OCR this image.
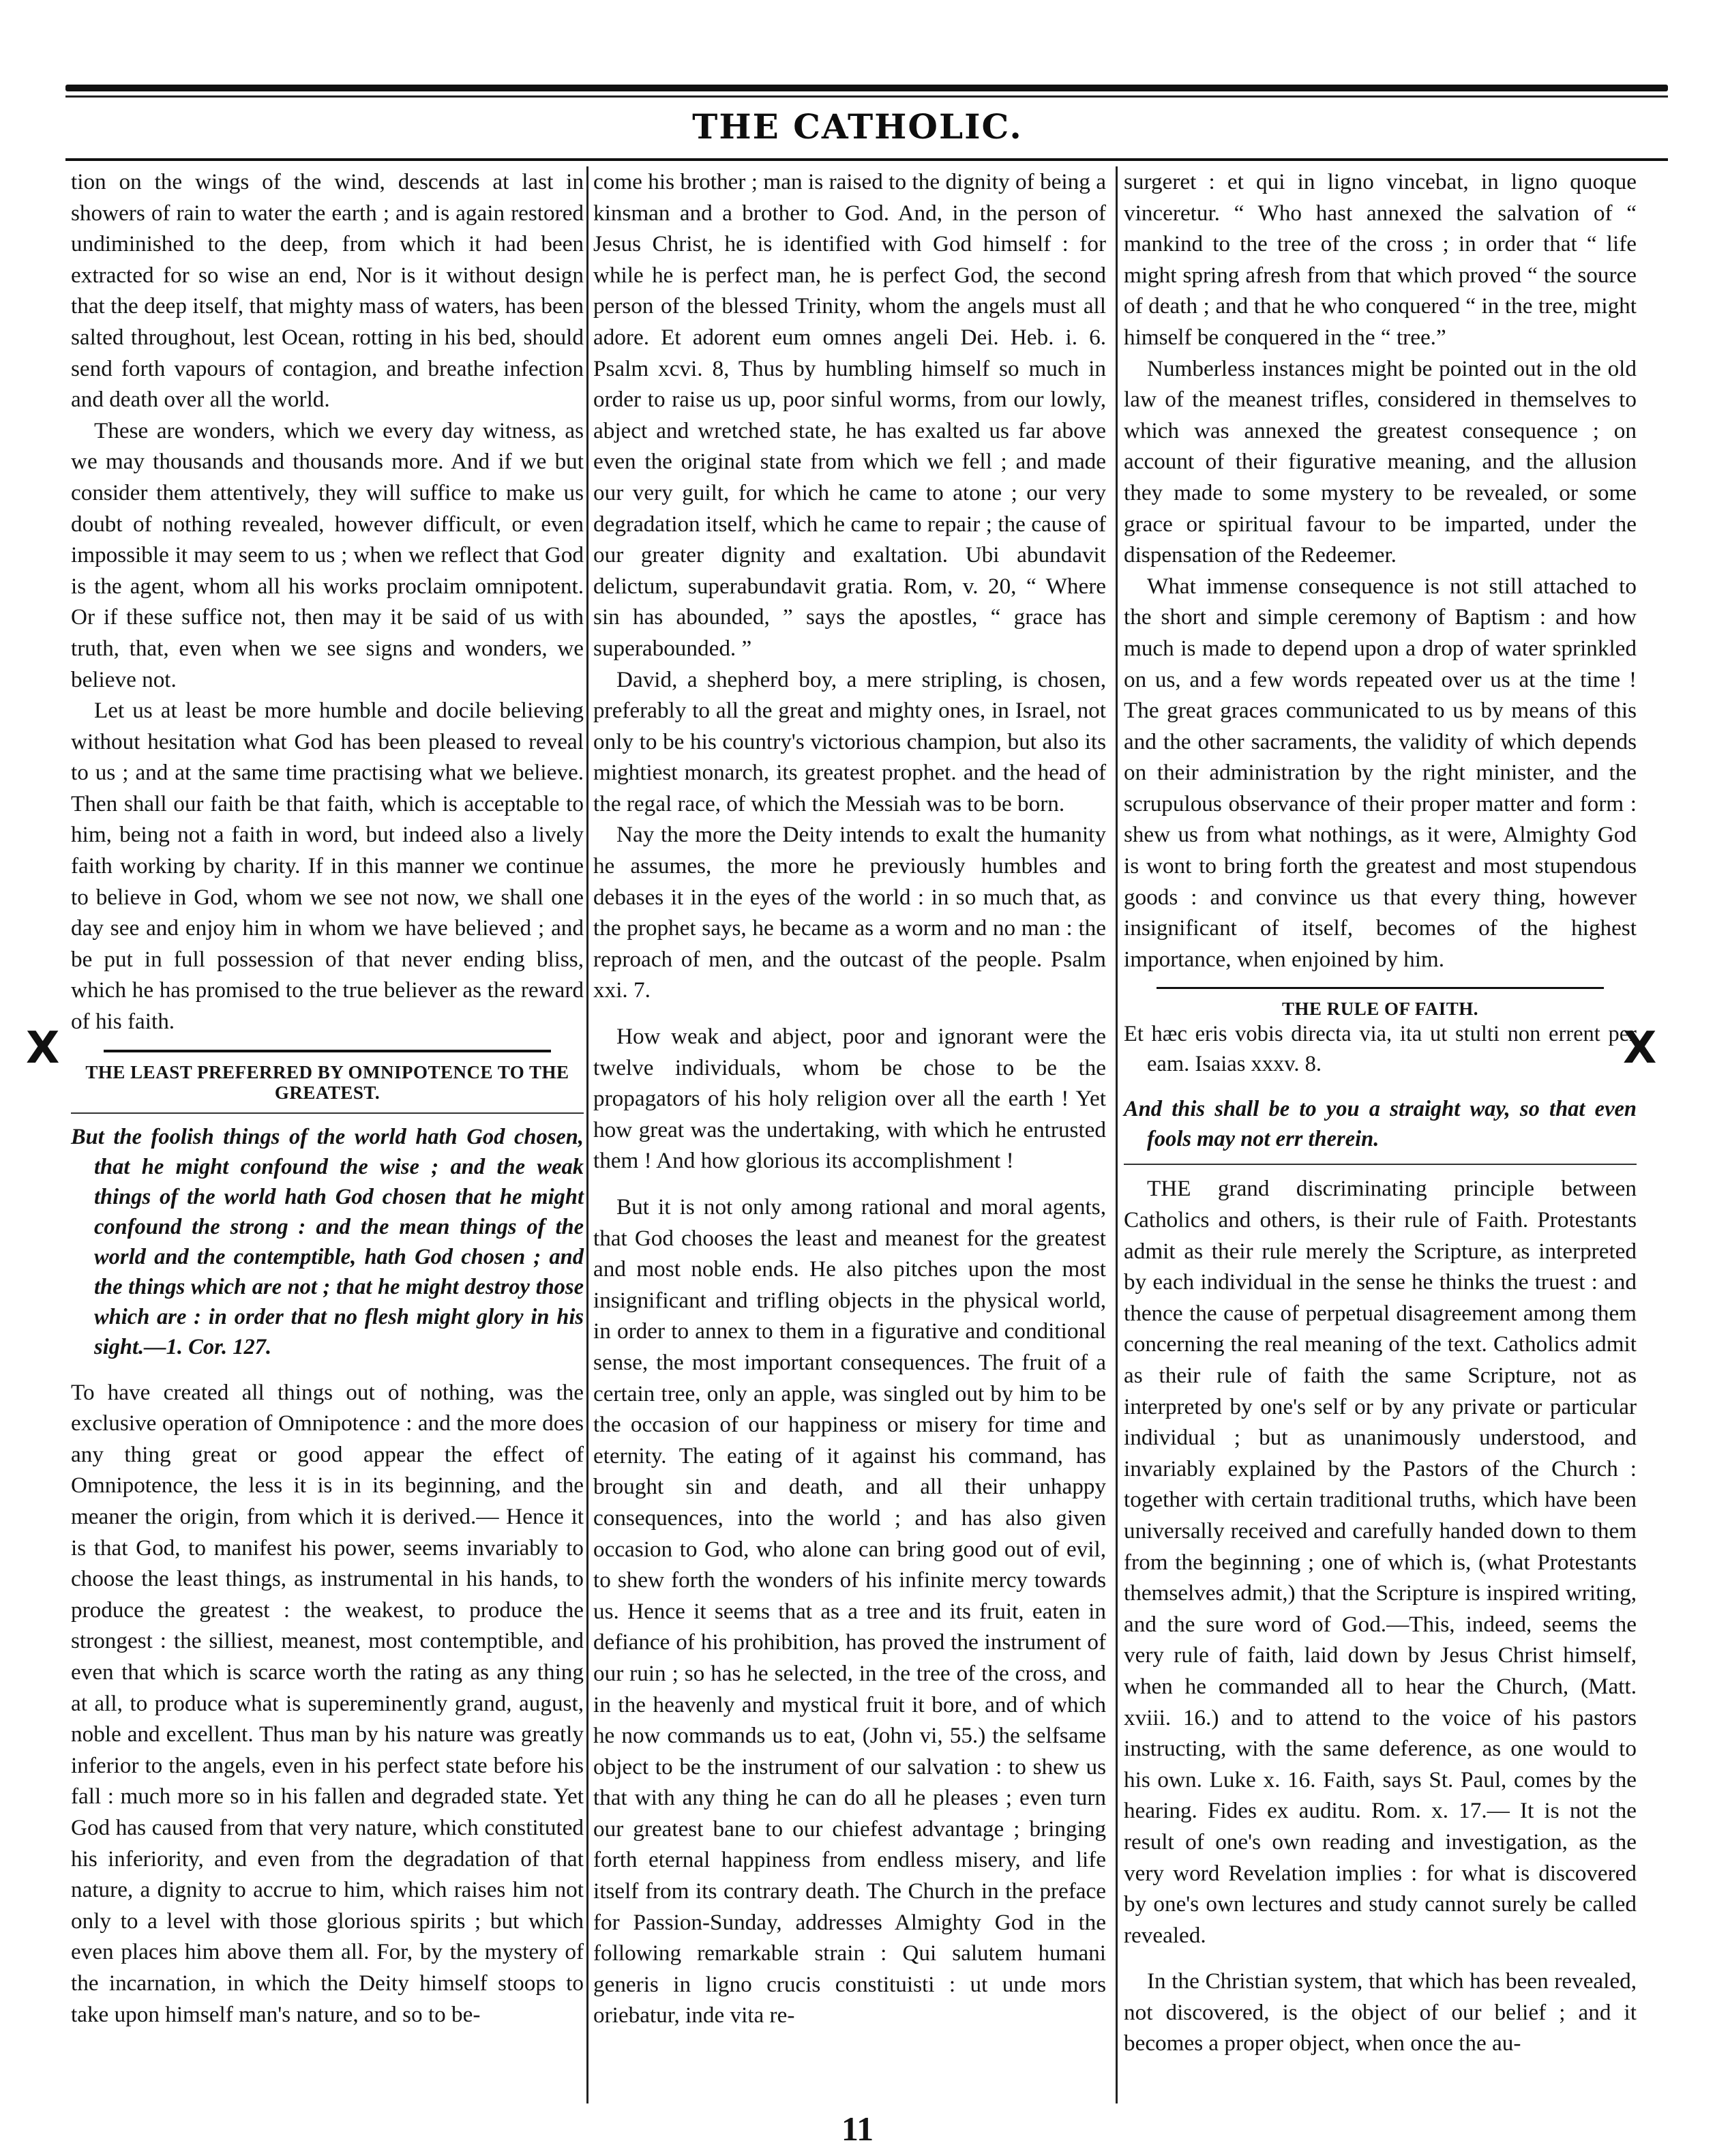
THE CATHOLIC.

tion on the wings of the wind, descends at last in showers of rain to water the earth ; and is again restored undiminished to the deep, from which it had been extracted for so wise an end, Nor is it without design that the deep itself, that mighty mass of waters, has been salted throughout, lest Ocean, rotting in his bed, should send forth vapours of contagion, and breathe infection and death over all the world.

These are wonders, which we every day witness, as we may thousands and thousands more. And if we but consider them attentively, they will suffice to make us doubt of nothing revealed, however difficult, or even impossible it may seem to us ; when we reflect that God is the agent, whom all his works proclaim omnipotent. Or if these suffice not, then may it be said of us with truth, that, even when we see signs and wonders, we believe not.

Let us at least be more humble and docile believing without hesitation what God has been pleased to reveal to us ; and at the same time practising what we believe. Then shall our faith be that faith, which is acceptable to him, being not a faith in word, but indeed also a lively faith working by charity. If in this manner we continue to believe in God, whom we see not now, we shall one day see and enjoy him in whom we have believed ; and be put in full possession of that never ending bliss, which he has promised to the true believer as the reward of his faith.

THE LEAST PREFERRED BY OMNIPOTENCE TO THE GREATEST.

But the foolish things of the world hath God chosen, that he might confound the wise ; and the weak things of the world hath God chosen that he might confound the strong : and the mean things of the world and the contemptible, hath God chosen ; and the things which are not ; that he might destroy those which are : in order that no flesh might glory in his sight.—1. Cor. 127.

To have created all things out of nothing, was the exclusive operation of Omnipotence : and the more does any thing great or good appear the effect of Omnipotence, the less it is in its beginning, and the meaner the origin, from which it is derived.— Hence it is that God, to manifest his power, seems invariably to choose the least things, as instrumental in his hands, to produce the greatest : the weakest, to produce the strongest : the silliest, meanest, most contemptible, and even that which is scarce worth the rating as any thing at all, to produce what is supereminently grand, august, noble and excellent. Thus man by his nature was greatly inferior to the angels, even in his perfect state before his fall : much more so in his fallen and degraded state. Yet God has caused from that very nature, which constituted his inferiority, and even from the degradation of that nature, a dignity to accrue to him, which raises him not only to a level with those glorious spirits ; but which even places him above them all. For, by the mystery of the incarnation, in which the Deity himself stoops to take upon himself man's nature, and so to be-

come his brother ; man is raised to the dignity of being a kinsman and a brother to God. And, in the person of Jesus Christ, he is identified with God himself : for while he is perfect man, he is perfect God, the second person of the blessed Trinity, whom the angels must all adore. Et adorent eum omnes angeli Dei. Heb. i. 6. Psalm xcvi. 8, Thus by humbling himself so much in order to raise us up, poor sinful worms, from our lowly, abject and wretched state, he has exalted us far above even the original state from which we fell ; and made our very guilt, for which he came to atone ; our very degradation itself, which he came to repair ; the cause of our greater dignity and exaltation. Ubi abundavit delictum, superabundavit gratia. Rom, v. 20, “ Where sin has abounded, ” says the apostles, “ grace has superabounded. ”

David, a shepherd boy, a mere stripling, is chosen, preferably to all the great and mighty ones, in Israel, not only to be his country's victorious champion, but also its mightiest monarch, its greatest prophet. and the head of the regal race, of which the Messiah was to be born.

Nay the more the Deity intends to exalt the humanity he assumes, the more he previously humbles and debases it in the eyes of the world : in so much that, as the prophet says, he became as a worm and no man : the reproach of men, and the outcast of the people. Psalm xxi. 7.

How weak and abject, poor and ignorant were the twelve individuals, whom be chose to be the propagators of his holy religion over all the earth ! Yet how great was the undertaking, with which he entrusted them ! And how glorious its accomplishment !

But it is not only among rational and moral agents, that God chooses the least and meanest for the greatest and most noble ends. He also pitches upon the most insignificant and trifling objects in the physical world, in order to annex to them in a figurative and conditional sense, the most important consequences. The fruit of a certain tree, only an apple, was singled out by him to be the occasion of our happiness or misery for time and eternity. The eating of it against his command, has brought sin and death, and all their unhappy consequences, into the world ; and has also given occasion to God, who alone can bring good out of evil, to shew forth the wonders of his infinite mercy towards us. Hence it seems that as a tree and its fruit, eaten in defiance of his prohibition, has proved the instrument of our ruin ; so has he selected, in the tree of the cross, and in the heavenly and mystical fruit it bore, and of which he now commands us to eat, (John vi, 55.) the selfsame object to be the instrument of our salvation : to shew us that with any thing he can do all he pleases ; even turn our greatest bane to our chiefest advantage ; bringing forth eternal happiness from endless misery, and life itself from its contrary death. The Church in the preface for Passion-Sunday, addresses Almighty God in the following remarkable strain : Qui salutem humani generis in ligno crucis constituisti : ut unde mors oriebatur, inde vita re-

surgeret : et qui in ligno vincebat, in ligno quoque vinceretur. “ Who hast annexed the salvation of “ mankind to the tree of the cross ; in order that “ life might spring afresh from that which proved “ the source of death ; and that he who conquered “ in the tree, might himself be conquered in the “ tree.”

Numberless instances might be pointed out in the old law of the meanest trifles, considered in themselves to which was annexed the greatest consequence ; on account of their figurative meaning, and the allusion they made to some mystery to be revealed, or some grace or spiritual favour to be imparted, under the dispensation of the Redeemer.

What immense consequence is not still attached to the short and simple ceremony of Baptism : and how much is made to depend upon a drop of water sprinkled on us, and a few words repeated over us at the time ! The great graces communicated to us by means of this and the other sacraments, the validity of which depends on their administration by the right minister, and the scrupulous observance of their proper matter and form : shew us from what nothings, as it were, Almighty God is wont to bring forth the greatest and most stupendous goods : and convince us that every thing, however insignificant of itself, becomes of the highest importance, when enjoined by him.

THE RULE OF FAITH.

Et hæc eris vobis directa via, ita ut stulti non errent per eam. Isaias xxxv. 8.

And this shall be to you a straight way, so that even fools may not err therein.

THE grand discriminating principle between Catholics and others, is their rule of Faith. Protestants admit as their rule merely the Scripture, as interpreted by each individual in the sense he thinks the truest : and thence the cause of perpetual disagreement among them concerning the real meaning of the text. Catholics admit as their rule of faith the same Scripture, not as interpreted by one's self or by any private or particular individual ; but as unanimously understood, and invariably explained by the Pastors of the Church : together with certain traditional truths, which have been universally received and carefully handed down to them from the beginning ; one of which is, (what Protestants themselves admit,) that the Scripture is inspired writing, and the sure word of God.—This, indeed, seems the very rule of faith, laid down by Jesus Christ himself, when he commanded all to hear the Church, (Matt. xviii. 16.) and to attend to the voice of his pastors instructing, with the same deference, as one would to his own. Luke x. 16. Faith, says St. Paul, comes by the hearing. Fides ex auditu. Rom. x. 17.— It is not the result of one's own reading and investigation, as the very word Revelation implies : for what is discovered by one's own lectures and study cannot surely be called revealed.

In the Christian system, that which has been revealed, not discovered, is the object of our belief ; and it becomes a proper object, when once the au-

X	X
11
